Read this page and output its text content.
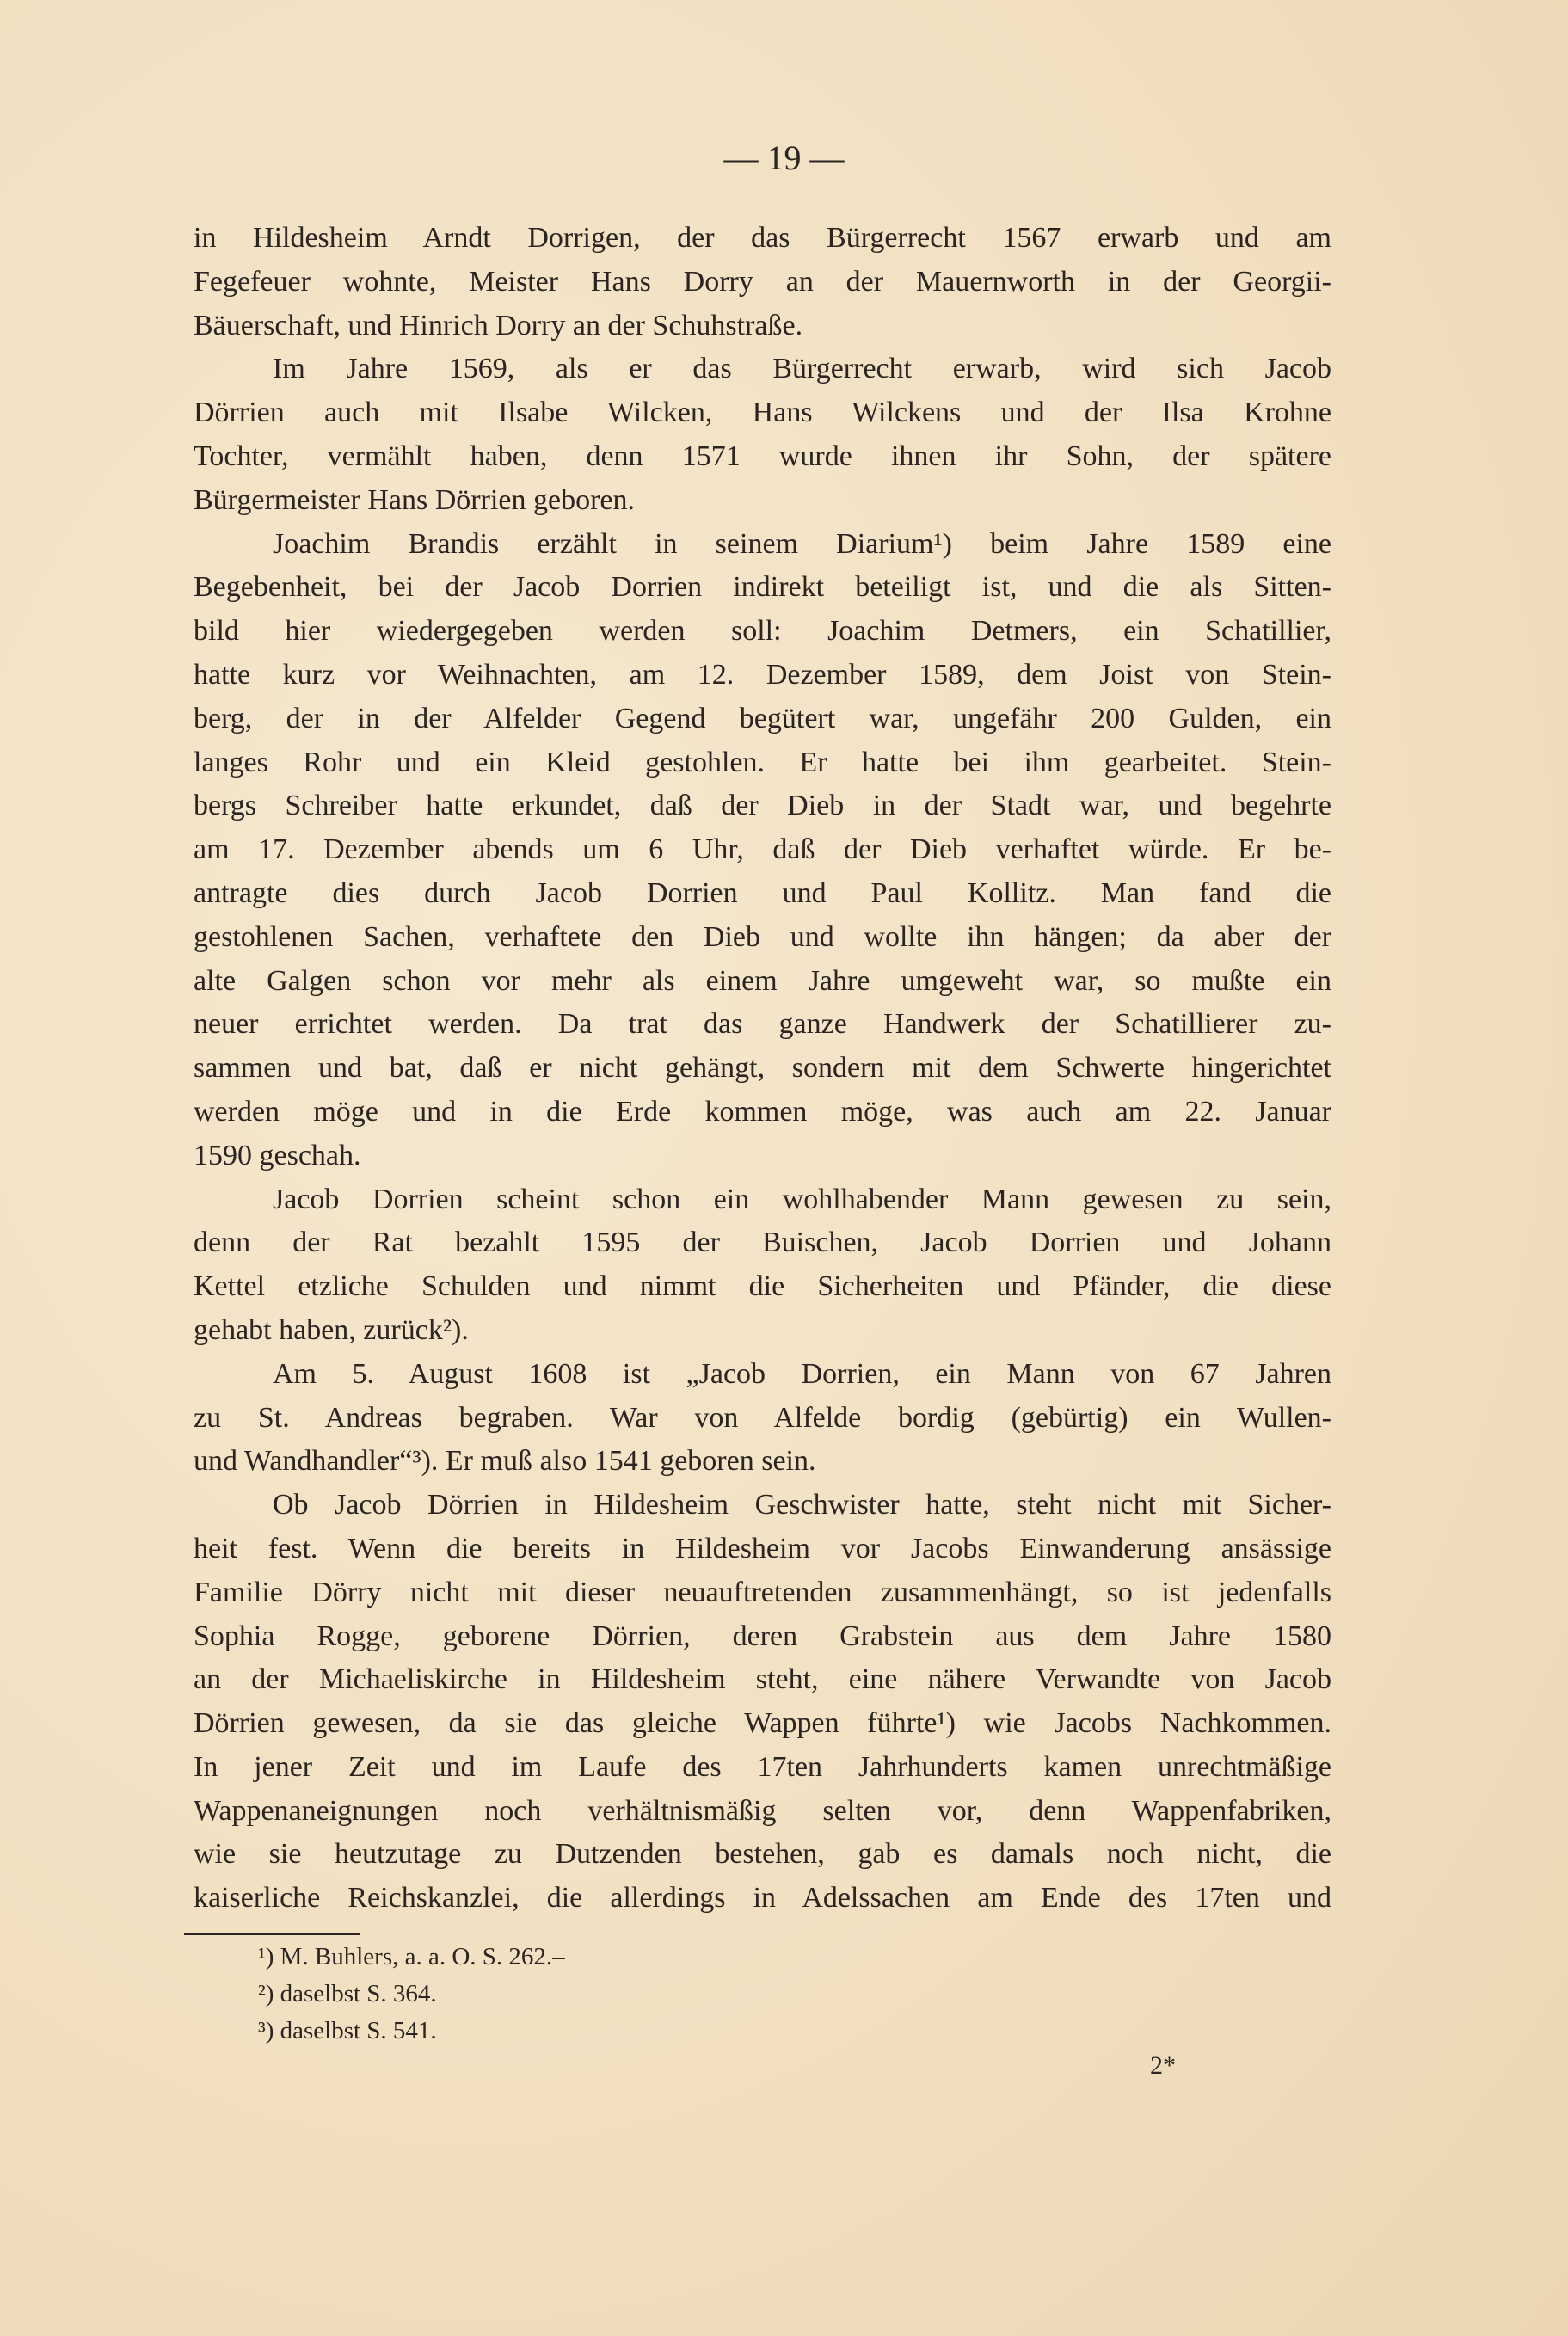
— 19 —
in Hildesheim Arndt Dorrigen, der das Bürgerrecht 1567 erwarb und am
Fegefeuer wohnte, Meister Hans Dorry an der Mauernworth in der Georgii-
Bäuerschaft, und Hinrich Dorry an der Schuhstraße.
Im Jahre 1569, als er das Bürgerrecht erwarb, wird sich Jacob
Dörrien auch mit Ilsabe Wilcken, Hans Wilckens und der Ilsa Krohne
Tochter, vermählt haben, denn 1571 wurde ihnen ihr Sohn, der spätere
Bürgermeister Hans Dörrien geboren.
Joachim Brandis erzählt in seinem Diarium¹) beim Jahre 1589 eine
Begebenheit, bei der Jacob Dorrien indirekt beteiligt ist, und die als Sitten-
bild hier wiedergegeben werden soll: Joachim Detmers, ein Schatillier,
hatte kurz vor Weihnachten, am 12. Dezember 1589, dem Joist von Stein-
berg, der in der Alfelder Gegend begütert war, ungefähr 200 Gulden, ein
langes Rohr und ein Kleid gestohlen. Er hatte bei ihm gearbeitet. Stein-
bergs Schreiber hatte erkundet, daß der Dieb in der Stadt war, und begehrte
am 17. Dezember abends um 6 Uhr, daß der Dieb verhaftet würde. Er be-
antragte dies durch Jacob Dorrien und Paul Kollitz. Man fand die
gestohlenen Sachen, verhaftete den Dieb und wollte ihn hängen; da aber der
alte Galgen schon vor mehr als einem Jahre umgeweht war, so mußte ein
neuer errichtet werden. Da trat das ganze Handwerk der Schatillierer zu-
sammen und bat, daß er nicht gehängt, sondern mit dem Schwerte hingerichtet
werden möge und in die Erde kommen möge, was auch am 22. Januar
1590 geschah.
Jacob Dorrien scheint schon ein wohlhabender Mann gewesen zu sein,
denn der Rat bezahlt 1595 der Buischen, Jacob Dorrien und Johann
Kettel etzliche Schulden und nimmt die Sicherheiten und Pfänder, die diese
gehabt haben, zurück²).
Am 5. August 1608 ist „Jacob Dorrien, ein Mann von 67 Jahren
zu St. Andreas begraben. War von Alfelde bordig (gebürtig) ein Wullen-
und Wandhandler“³). Er muß also 1541 geboren sein.
Ob Jacob Dörrien in Hildesheim Geschwister hatte, steht nicht mit Sicher-
heit fest. Wenn die bereits in Hildesheim vor Jacobs Einwanderung ansässige
Familie Dörry nicht mit dieser neuauftretenden zusammenhängt, so ist jedenfalls
Sophia Rogge, geborene Dörrien, deren Grabstein aus dem Jahre 1580
an der Michaeliskirche in Hildesheim steht, eine nähere Verwandte von Jacob
Dörrien gewesen, da sie das gleiche Wappen führte¹) wie Jacobs Nachkommen.
In jener Zeit und im Laufe des 17ten Jahrhunderts kamen unrechtmäßige
Wappenaneignungen noch verhältnismäßig selten vor, denn Wappenfabriken,
wie sie heutzutage zu Dutzenden bestehen, gab es damals noch nicht, die
kaiserliche Reichskanzlei, die allerdings in Adelssachen am Ende des 17ten und
¹) M. Buhlers, a. a. O. S. 262.–
²) daselbst S. 364.
³) daselbst S. 541.
2*
